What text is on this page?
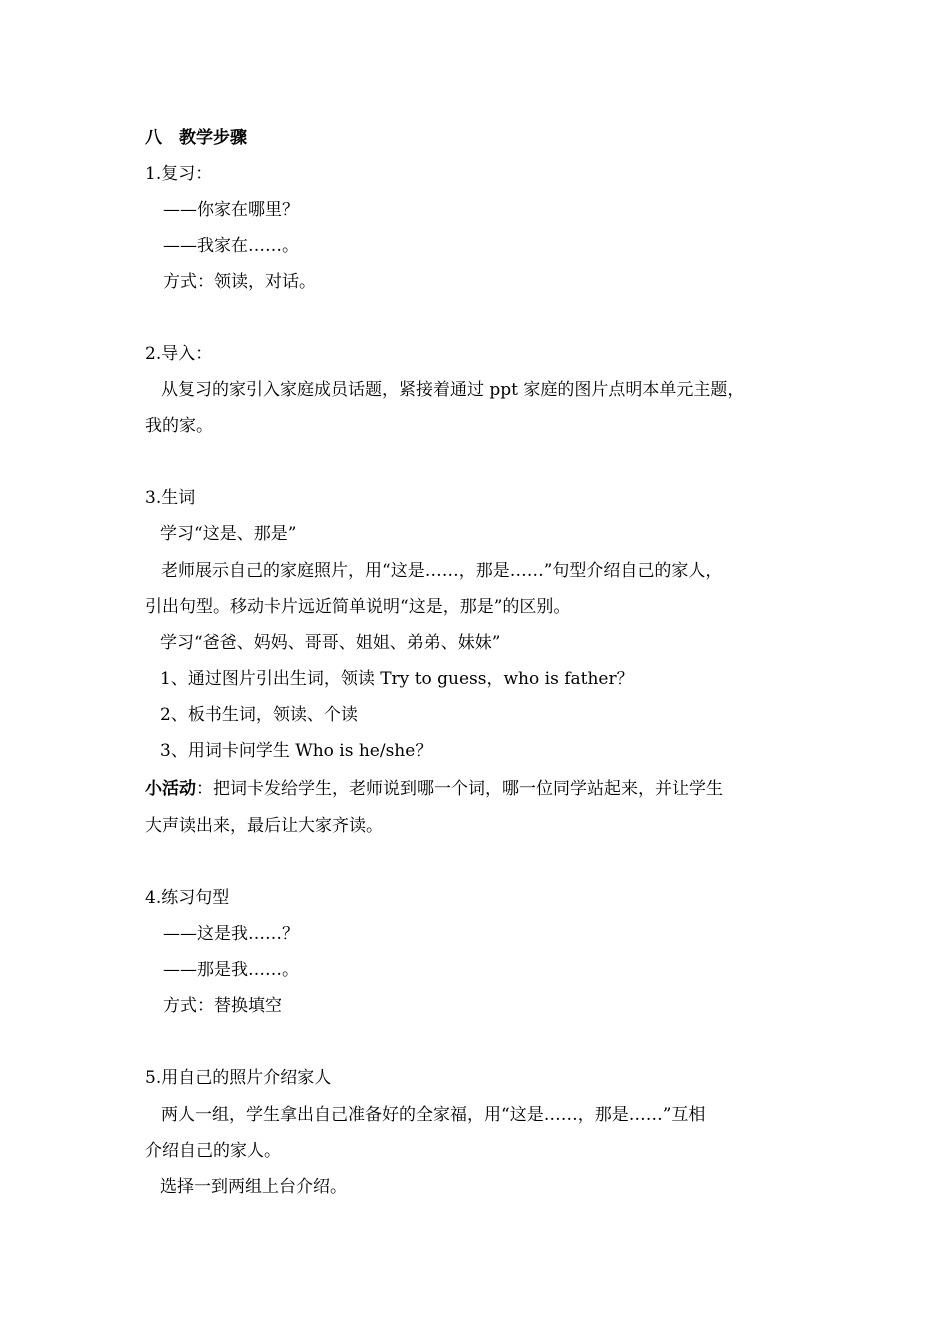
八　教学步骤
1.复习：
——你家在哪里？
——我家在……。
方式：领读，对话。
2.导入：
从复习的家引入家庭成员话题，紧接着通过 ppt 家庭的图片点明本单元主题，
我的家。
3.生词
学习“这是、那是”
老师展示自己的家庭照片，用“这是……，那是……”句型介绍自己的家人，
引出句型。移动卡片远近简单说明“这是，那是”的区别。
学习“爸爸、妈妈、哥哥、姐姐、弟弟、妹妹”
1、通过图片引出生词，领读 Try to guess，who is father？
2、板书生词，领读、个读
3、用词卡问学生 Who is he/she？
小活动：把词卡发给学生，老师说到哪一个词，哪一位同学站起来，并让学生
大声读出来，最后让大家齐读。
4.练习句型
——这是我……？
——那是我……。
方式：替换填空
5.用自己的照片介绍家人
两人一组，学生拿出自己准备好的全家福，用“这是……，那是……”互相
介绍自己的家人。
选择一到两组上台介绍。
